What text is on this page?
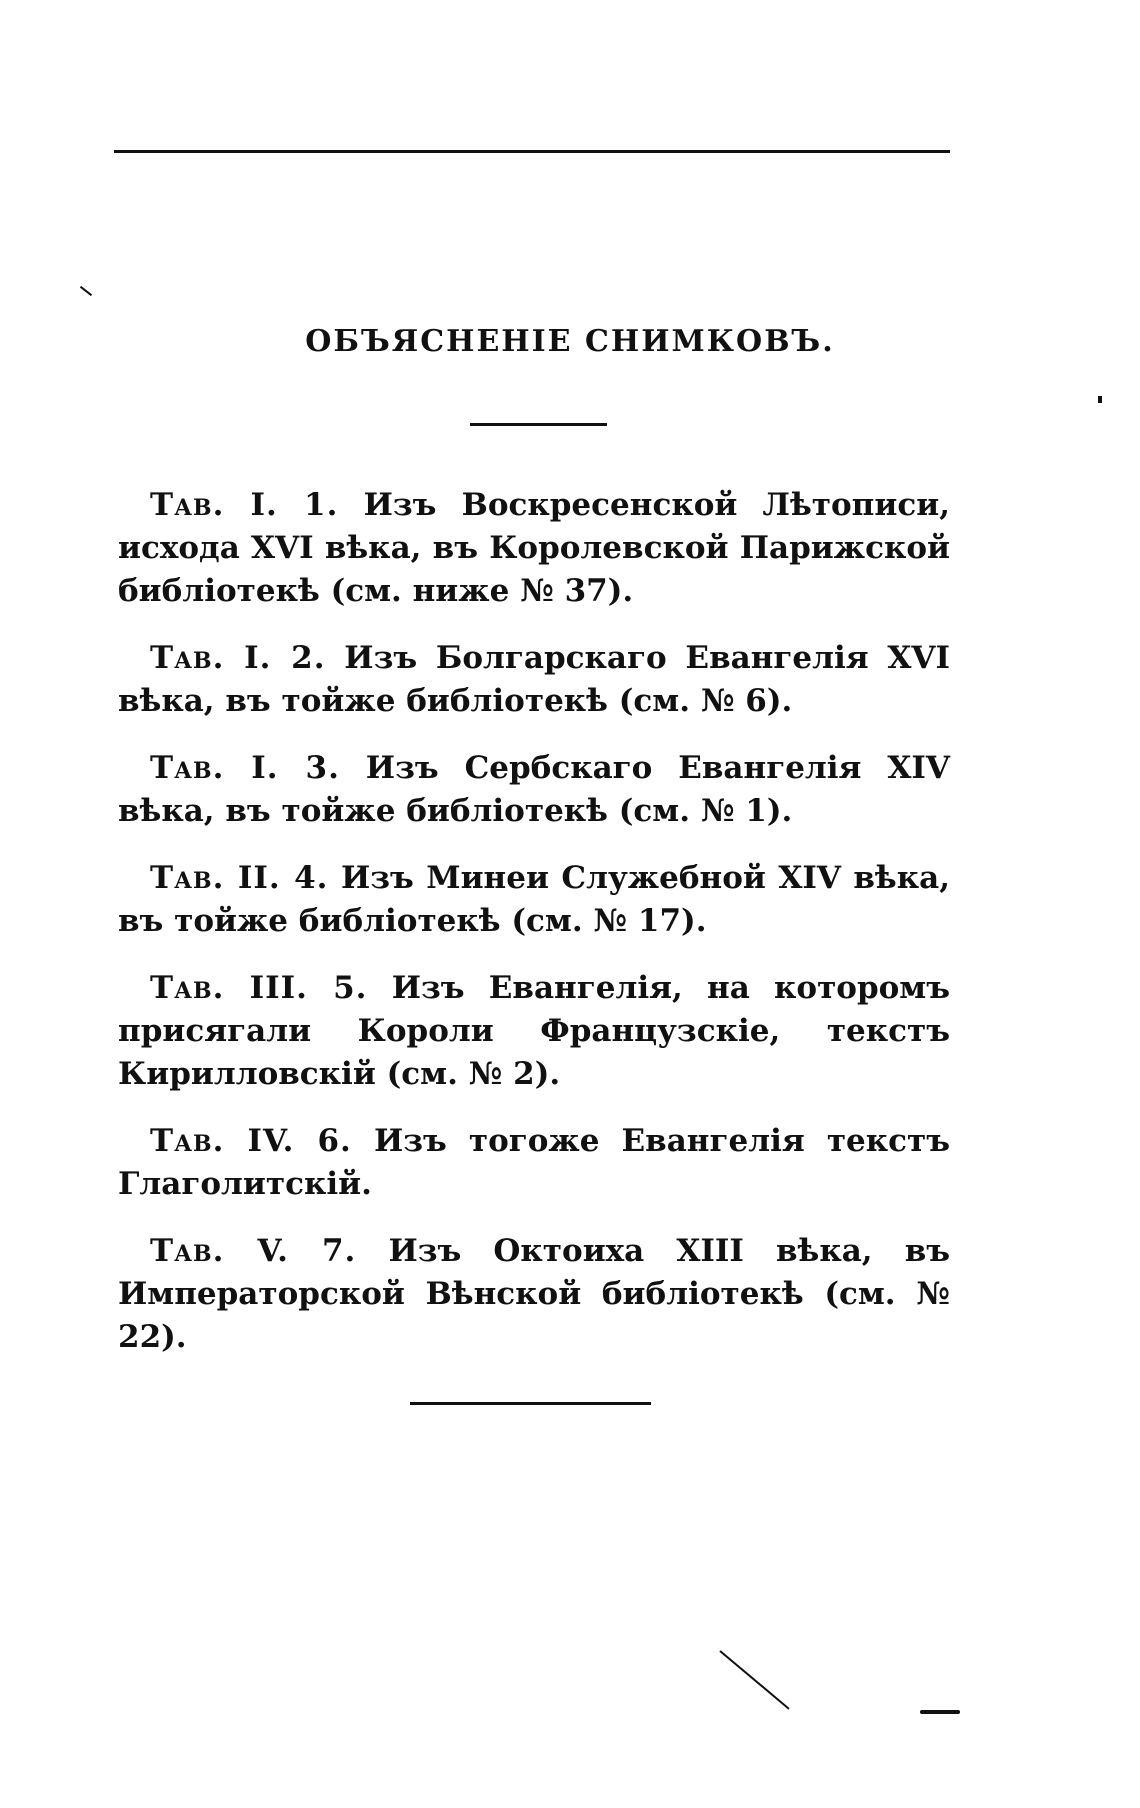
ОБЪЯСНЕНІЕ СНИМКОВЪ.

Тав. I. 1. Изъ Воскресенской Лѣтописи, исхода XVI вѣка, въ Королевской Парижской библіотекѣ (см. ниже № 37).

Тав. I. 2. Изъ Болгарскаго Евангелія XVI вѣка, въ тойже библіотекѣ (см. № 6).

Тав. I. 3. Изъ Сербскаго Евангелія XIV вѣка, въ тойже библіотекѣ (см. № 1).

Тав. II. 4. Изъ Минеи Служебной XIV вѣка, въ тойже библіотекѣ (см. № 17).

Тав. III. 5. Изъ Евангелія, на которомъ присягали Короли Французскіе, текстъ Кирилловскій (см. № 2).

Тав. IV. 6. Изъ тогоже Евангелія текстъ Глаголитскій.

Тав. V. 7. Изъ Октоиха XIII вѣка, въ Императорской Вѣнской библіотекѣ (см. № 22).
